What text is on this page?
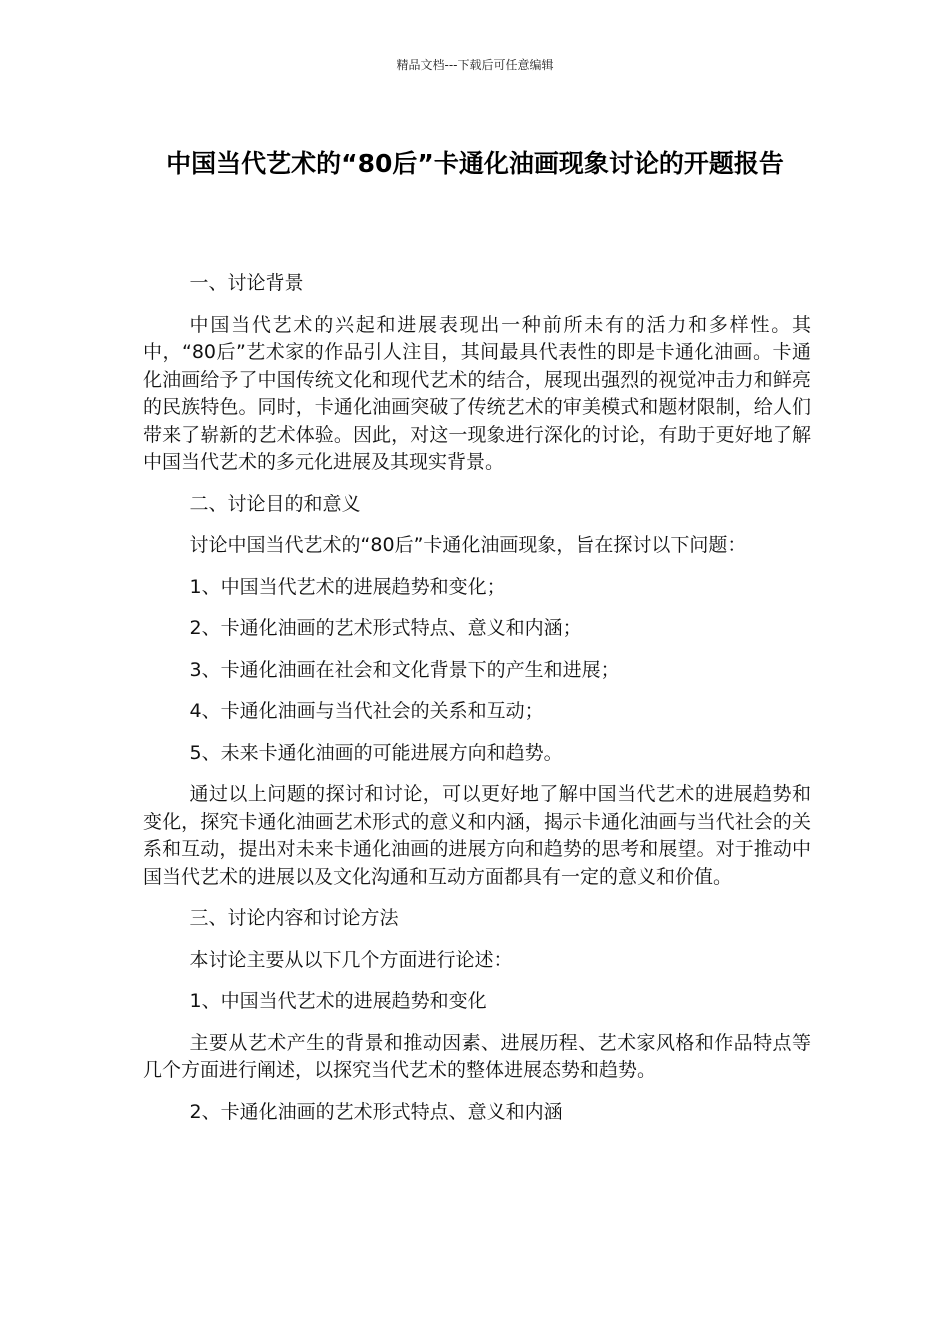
精品文档---下载后可任意编辑
中国当代艺术的“80后”卡通化油画现象讨论的开题报告

一、讨论背景

中国当代艺术的兴起和进展表现出一种前所未有的活力和多样性。其中，“80后”艺术家的作品引人注目，其间最具代表性的即是卡通化油画。卡通化油画给予了中国传统文化和现代艺术的结合，展现出强烈的视觉冲击力和鲜亮的民族特色。同时，卡通化油画突破了传统艺术的审美模式和题材限制，给人们带来了崭新的艺术体验。因此，对这一现象进行深化的讨论，有助于更好地了解中国当代艺术的多元化进展及其现实背景。

二、讨论目的和意义

讨论中国当代艺术的“80后”卡通化油画现象，旨在探讨以下问题：

1、中国当代艺术的进展趋势和变化；

2、卡通化油画的艺术形式特点、意义和内涵；

3、卡通化油画在社会和文化背景下的产生和进展；

4、卡通化油画与当代社会的关系和互动；

5、未来卡通化油画的可能进展方向和趋势。

通过以上问题的探讨和讨论，可以更好地了解中国当代艺术的进展趋势和变化，探究卡通化油画艺术形式的意义和内涵，揭示卡通化油画与当代社会的关系和互动，提出对未来卡通化油画的进展方向和趋势的思考和展望。对于推动中国当代艺术的进展以及文化沟通和互动方面都具有一定的意义和价值。

三、讨论内容和讨论方法

本讨论主要从以下几个方面进行论述：

1、中国当代艺术的进展趋势和变化

主要从艺术产生的背景和推动因素、进展历程、艺术家风格和作品特点等几个方面进行阐述，以探究当代艺术的整体进展态势和趋势。

2、卡通化油画的艺术形式特点、意义和内涵
